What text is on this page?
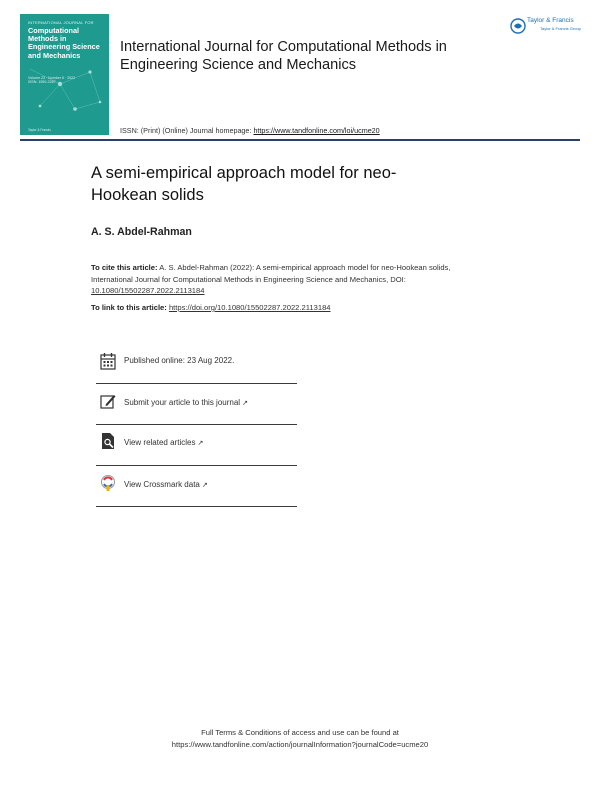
INTERNATIONAL JOURNAL FOR
Computational Methods in Engineering Science and Mechanics
Volume 23 · Number 6 · 2022
ISSN: 1550-2287
Taylor & Francis
International Journal for Computational Methods in Engineering Science and Mechanics
ISSN: (Print) (Online) Journal homepage: https://www.tandfonline.com/loi/ucme20
Taylor & Francis
Taylor & Francis Group
A semi-empirical approach model for neo-Hookean solids
A. S. Abdel-Rahman
To cite this article: A. S. Abdel-Rahman (2022): A semi-empirical approach model for neo-Hookean solids, International Journal for Computational Methods in Engineering Science and Mechanics, DOI: 10.1080/15502287.2022.2113184
To link to this article: https://doi.org/10.1080/15502287.2022.2113184
Published online: 23 Aug 2022.
Submit your article to this journal ↗
View related articles ↗
View Crossmark data ↗
Full Terms & Conditions of access and use can be found at
https://www.tandfonline.com/action/journalInformation?journalCode=ucme20
